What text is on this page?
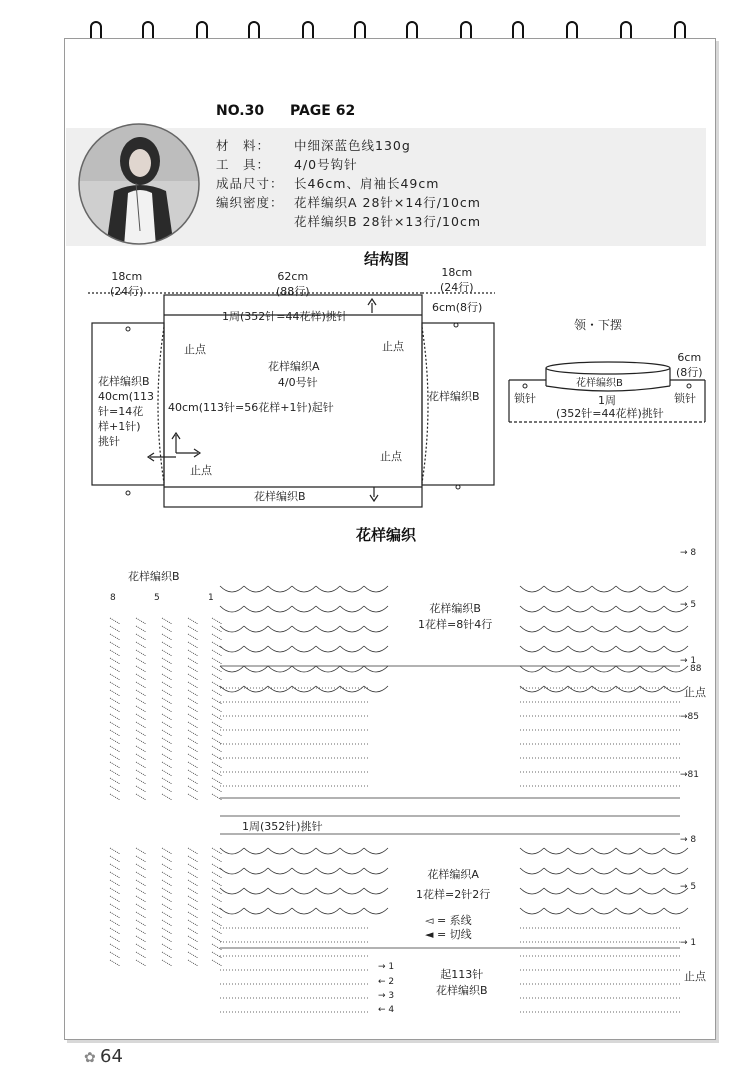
NO.30 PAGE 62
材　料： 中细深蓝色线130g
工　具： 4/0号钩针
成品尺寸： 长46cm、肩袖长49cm
编织密度： 花样编织A 28针×14行/10cm
花样编织B 28针×13行/10cm
结构图
18cm
(24行)
62cm
(88行)
18cm
(24行)
1周(352针=44花样)挑针
6cm(8行)
止点	止点
止点
止点
花样编织A
4/0号针
40cm(113针=56花样+1针)起针
花样编织B
40cm(113
针=14花
样+1针)
挑针
花样编织B
花样编织B
领・下摆
花样编织B
6cm
(8行)
锁针	锁针
1周
(352针=44花样)挑针
花样编织
花样编织B
花样编织B
1花样=8针4行
花样编织A
1花样=2针2行
◅ = 系线
◄ = 切线
1周(352针)挑针
起113针
花样编织B
止点
止点
8	5	1
→ 8
→ 5
→ 1
88
→85
→81
→ 8
→ 5
→ 1
→ 1
← 2
→ 3
← 4
✿ 64
